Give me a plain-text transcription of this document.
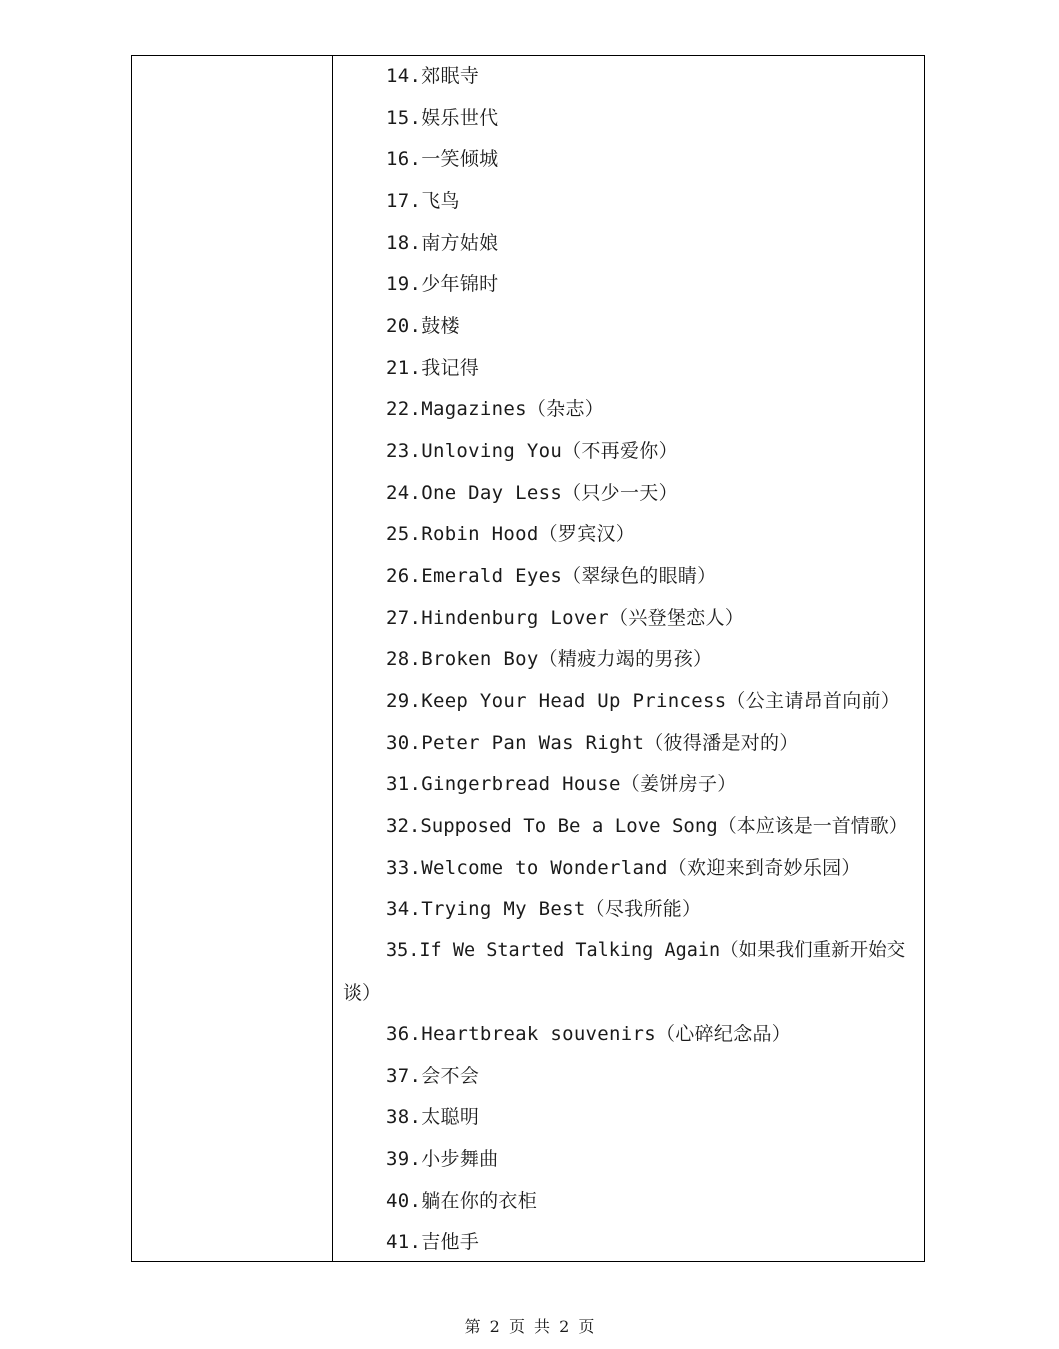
14.郊眠寺
15.娱乐世代
16.一笑倾城
17.飞鸟
18.南方姑娘
19.少年锦时
20.鼓楼
21.我记得
22.Magazines（杂志）
23.Unloving You（不再爱你）
24.One Day Less（只少一天）
25.Robin Hood（罗宾汉）
26.Emerald Eyes（翠绿色的眼睛）
27.Hindenburg Lover（兴登堡恋人）
28.Broken Boy（精疲力竭的男孩）
29.Keep Your Head Up Princess（公主请昂首向前）
30.Peter Pan Was Right（彼得潘是对的）
31.Gingerbread House（姜饼房子）
32.Supposed To Be a Love Song（本应该是一首情歌）
33.Welcome to Wonderland（欢迎来到奇妙乐园）
34.Trying My Best（尽我所能）
35.If We Started Talking Again（如果我们重新开始交
谈）
36.Heartbreak souvenirs（心碎纪念品）
37.会不会
38.太聪明
39.小步舞曲
40.躺在你的衣柜
41.吉他手
第 2 页 共 2 页
